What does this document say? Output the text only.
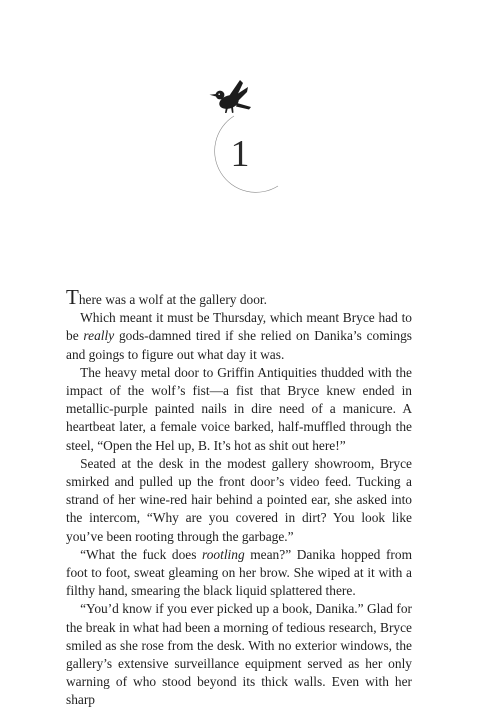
1

There was a wolf at the gallery door.

Which meant it must be Thursday, which meant Bryce had to be really gods-damned tired if she relied on Danika’s comings and goings to figure out what day it was.

The heavy metal door to Griffin Antiquities thudded with the impact of the wolf’s fist—a fist that Bryce knew ended in metallic-purple painted nails in dire need of a manicure. A heartbeat later, a female voice barked, half-muffled through the steel, “Open the Hel up, B. It’s hot as shit out here!”

Seated at the desk in the modest gallery showroom, Bryce smirked and pulled up the front door’s video feed. Tucking a strand of her wine-red hair behind a pointed ear, she asked into the intercom, “Why are you covered in dirt? You look like you’ve been rooting through the garbage.”

“What the fuck does rootling mean?” Danika hopped from foot to foot, sweat gleaming on her brow. She wiped at it with a filthy hand, smearing the black liquid splattered there.

“You’d know if you ever picked up a book, Danika.” Glad for the break in what had been a morning of tedious research, Bryce smiled as she rose from the desk. With no exterior windows, the gallery’s extensive surveillance equipment served as her only warning of who stood beyond its thick walls. Even with her sharp
